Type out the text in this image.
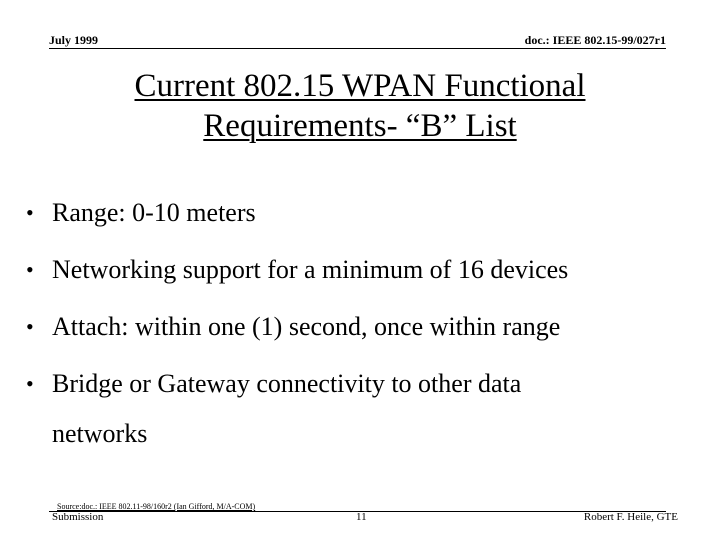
July 1999	doc.: IEEE 802.15-99/027r1
Current 802.15 WPAN Functional
Requirements- “B” List
• Range: 0-10 meters
• Networking support for a minimum of 16 devices
• Attach: within one (1) second, once within range
• Bridge or Gateway connectivity to other data
networks
Source:doc.: IEEE 802.11-98/160r2 (Ian Gifford, M/A-COM)
Submission	11	Robert F. Heile, GTE
